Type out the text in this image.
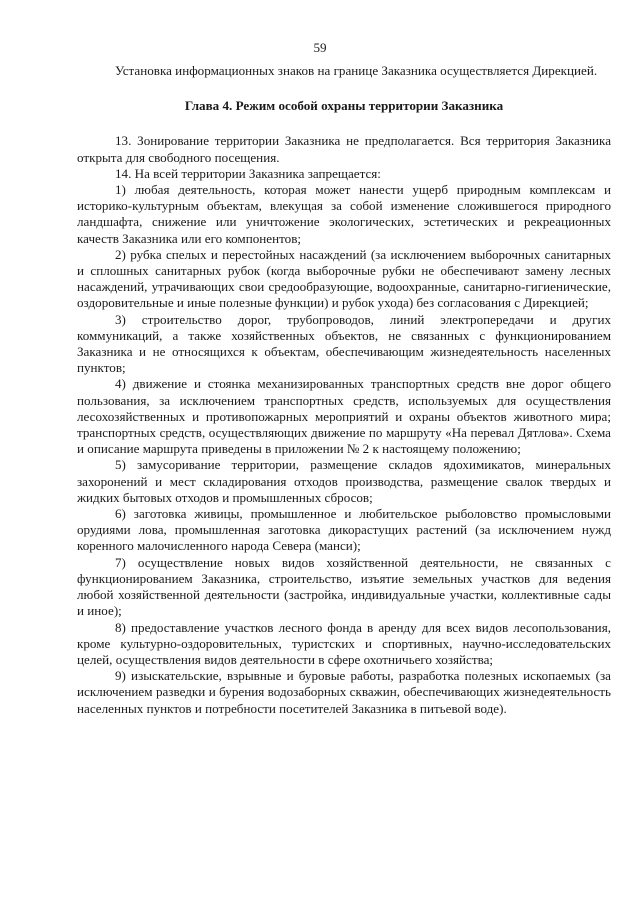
59

Установка информационных знаков на границе Заказника осуществляется Дирекцией.

Глава 4. Режим особой охраны территории Заказника

13. Зонирование территории Заказника не предполагается. Вся территория Заказника открыта для свободного посещения.

14. На всей территории Заказника запрещается:

1) любая деятельность, которая может нанести ущерб природным комплексам и историко-культурным объектам, влекущая за собой изменение сложившегося природного ландшафта, снижение или уничтожение экологических, эстетических и рекреационных качеств Заказника или его компонентов;

2) рубка спелых и перестойных насаждений (за исключением выборочных санитарных и сплошных санитарных рубок (когда выборочные рубки не обеспечивают замену лесных насаждений, утрачивающих свои средообразующие, водоохранные, санитарно-гигиенические, оздоровительные и иные полезные функции) и рубок ухода) без согласования с Дирекцией;

3) строительство дорог, трубопроводов, линий электропередачи и других коммуникаций, а также хозяйственных объектов, не связанных с функционированием Заказника и не относящихся к объектам, обеспечивающим жизнедеятельность населенных пунктов;

4) движение и стоянка механизированных транспортных средств вне дорог общего пользования, за исключением транспортных средств, используемых для осуществления лесохозяйственных и противопожарных мероприятий и охраны объектов животного мира; транспортных средств, осуществляющих движение по маршруту «На перевал Дятлова». Схема и описание маршрута приведены в приложении № 2 к настоящему положению;

5) замусоривание территории, размещение складов ядохимикатов, минеральных захоронений и мест складирования отходов производства, размещение свалок твердых и жидких бытовых отходов и промышленных сбросов;

6) заготовка живицы, промышленное и любительское рыболовство промысловыми орудиями лова, промышленная заготовка дикорастущих растений (за исключением нужд коренного малочисленного народа Севера (манси);

7) осуществление новых видов хозяйственной деятельности, не связанных с функционированием Заказника, строительство, изъятие земельных участков для ведения любой хозяйственной деятельности (застройка, индивидуальные участки, коллективные сады и иное);

8) предоставление участков лесного фонда в аренду для всех видов лесопользования, кроме культурно-оздоровительных, туристских и спортивных, научно-исследовательских целей, осуществления видов деятельности в сфере охотничьего хозяйства;

9) изыскательские, взрывные и буровые работы, разработка полезных ископаемых (за исключением разведки и бурения водозаборных скважин, обеспечивающих жизнедеятельность населенных пунктов и потребности посетителей Заказника в питьевой воде).
